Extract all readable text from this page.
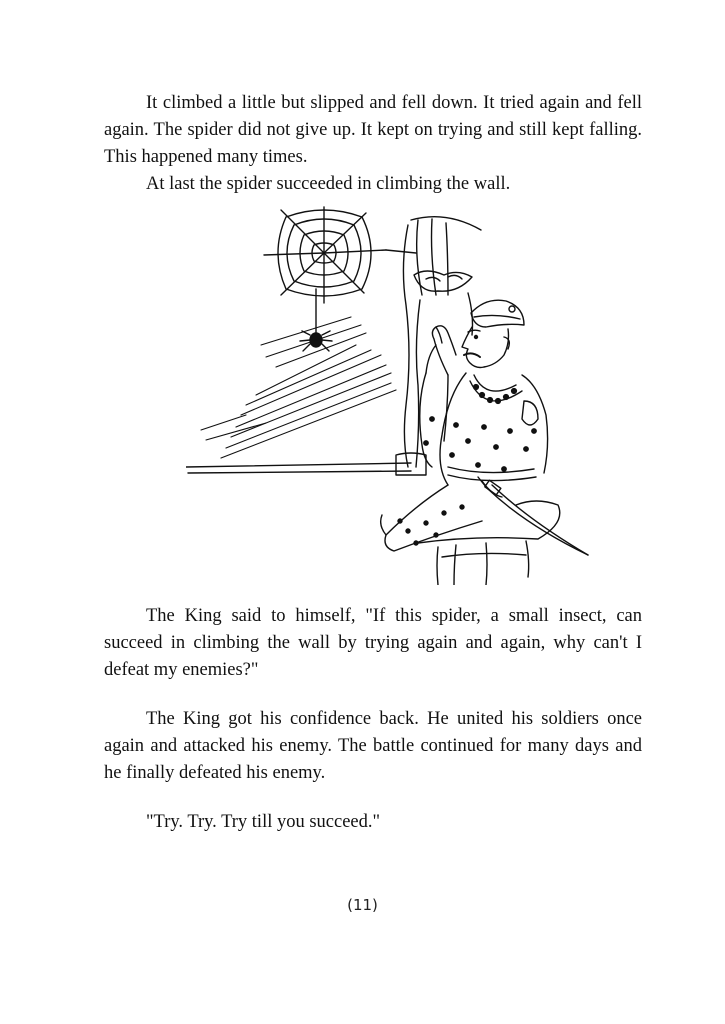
It climbed a little but slipped and fell down. It tried again and fell again. The spider did not give up. It kept on trying and still kept falling. This happened many times.

At last the spider succeeded in climbing the wall.

The King said to himself, "If this spider, a small insect, can succeed in climbing the wall by trying again and again, why can't I defeat my enemies?"

The King got his confidence back. He united his soldiers once again and attacked his enemy. The battle continued for many days and he finally defeated his enemy.

"Try. Try. Try till you succeed."

(11)
